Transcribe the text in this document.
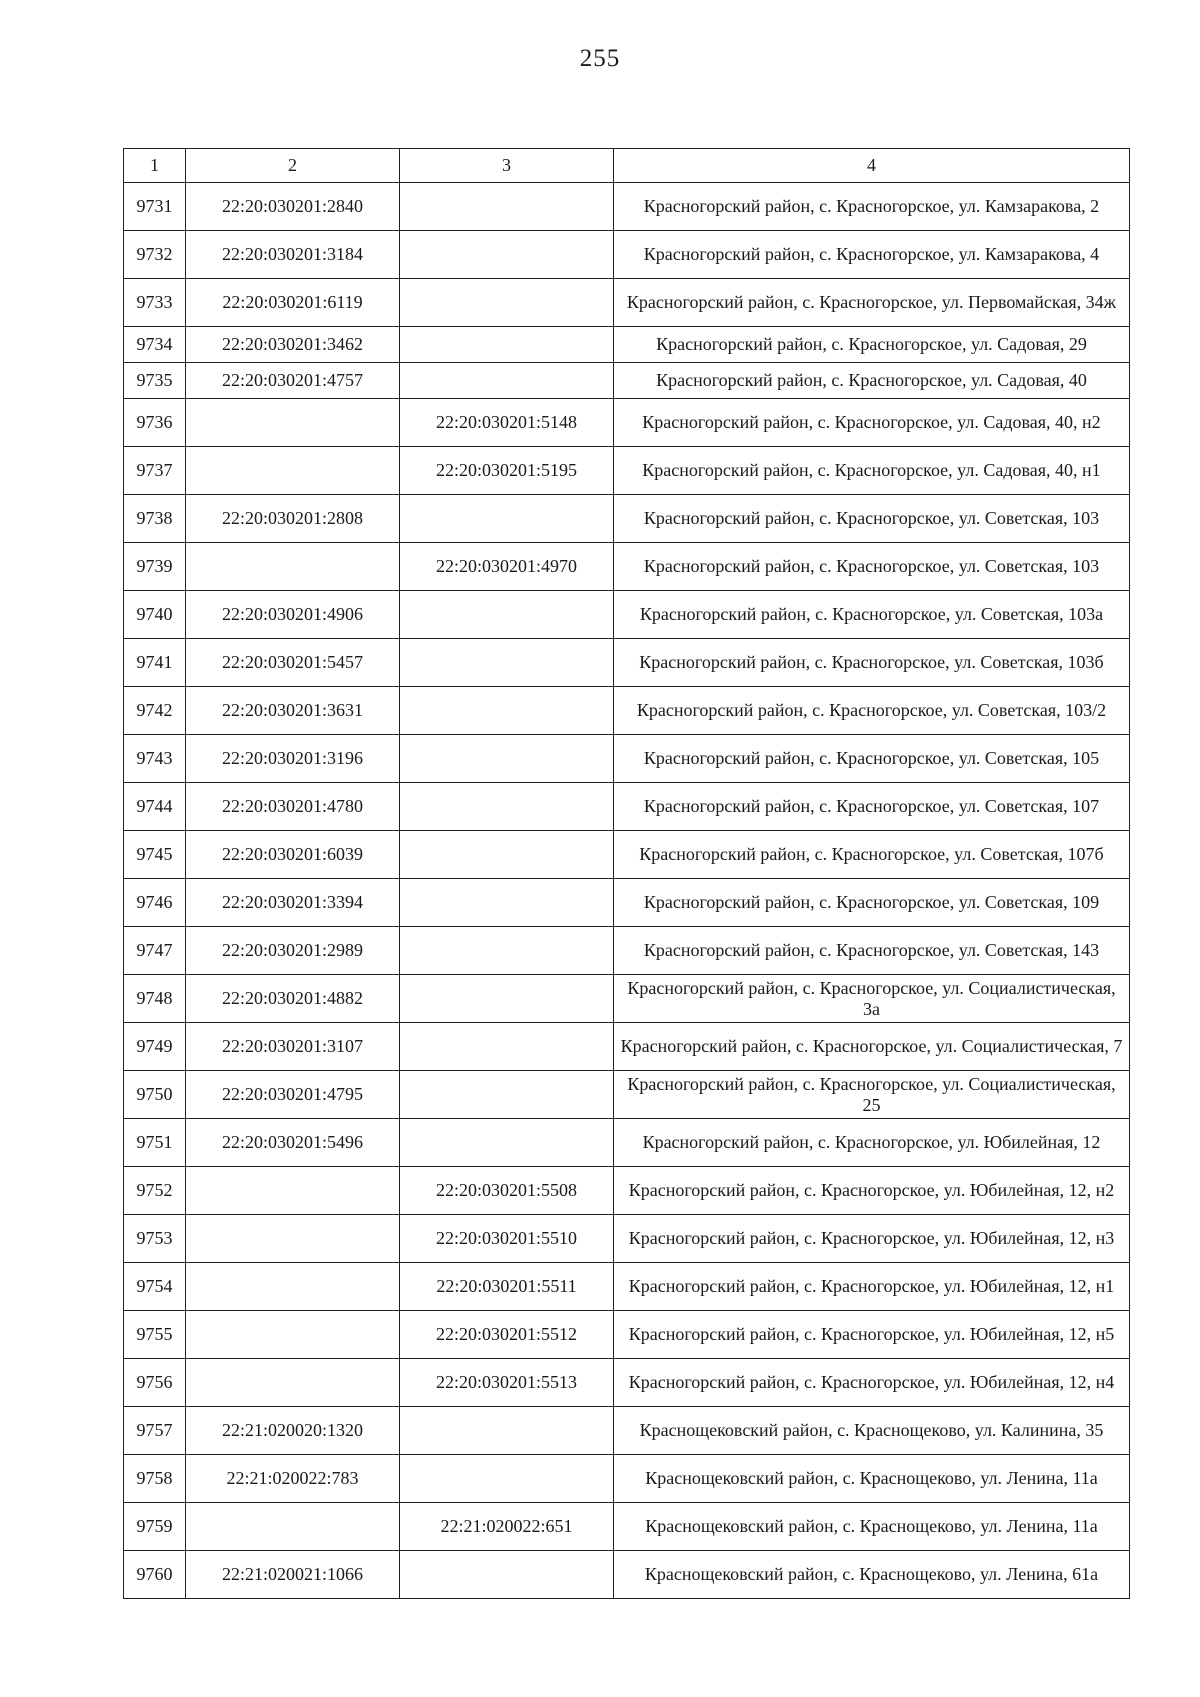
255
1	2	3	4
9731	22:20:030201:2840		Красногорский район, с. Красногорское, ул. Камзаракова, 2
9732	22:20:030201:3184		Красногорский район, с. Красногорское, ул. Камзаракова, 4
9733	22:20:030201:6119		Красногорский район, с. Красногорское, ул. Первомайская, 34ж
9734	22:20:030201:3462		Красногорский район, с. Красногорское, ул. Садовая, 29
9735	22:20:030201:4757		Красногорский район, с. Красногорское, ул. Садовая, 40
9736		22:20:030201:5148	Красногорский район, с. Красногорское, ул. Садовая, 40, н2
9737		22:20:030201:5195	Красногорский район, с. Красногорское, ул. Садовая, 40, н1
9738	22:20:030201:2808		Красногорский район, с. Красногорское, ул. Советская, 103
9739		22:20:030201:4970	Красногорский район, с. Красногорское, ул. Советская, 103
9740	22:20:030201:4906		Красногорский район, с. Красногорское, ул. Советская, 103а
9741	22:20:030201:5457		Красногорский район, с. Красногорское, ул. Советская, 103б
9742	22:20:030201:3631		Красногорский район, с. Красногорское, ул. Советская, 103/2
9743	22:20:030201:3196		Красногорский район, с. Красногорское, ул. Советская, 105
9744	22:20:030201:4780		Красногорский район, с. Красногорское, ул. Советская, 107
9745	22:20:030201:6039		Красногорский район, с. Красногорское, ул. Советская, 107б
9746	22:20:030201:3394		Красногорский район, с. Красногорское, ул. Советская, 109
9747	22:20:030201:2989		Красногорский район, с. Красногорское, ул. Советская, 143
9748	22:20:030201:4882		Красногорский район, с. Красногорское, ул. Социалистическая, 3а
9749	22:20:030201:3107		Красногорский район, с. Красногорское, ул. Социалистическая, 7
9750	22:20:030201:4795		Красногорский район, с. Красногорское, ул. Социалистическая, 25
9751	22:20:030201:5496		Красногорский район, с. Красногорское, ул. Юбилейная, 12
9752		22:20:030201:5508	Красногорский район, с. Красногорское, ул. Юбилейная, 12, н2
9753		22:20:030201:5510	Красногорский район, с. Красногорское, ул. Юбилейная, 12, н3
9754		22:20:030201:5511	Красногорский район, с. Красногорское, ул. Юбилейная, 12, н1
9755		22:20:030201:5512	Красногорский район, с. Красногорское, ул. Юбилейная, 12, н5
9756		22:20:030201:5513	Красногорский район, с. Красногорское, ул. Юбилейная, 12, н4
9757	22:21:020020:1320		Краснощековский район, с. Краснощеково, ул. Калинина, 35
9758	22:21:020022:783		Краснощековский район, с. Краснощеково, ул. Ленина, 11а
9759		22:21:020022:651	Краснощековский район, с. Краснощеково, ул. Ленина, 11а
9760	22:21:020021:1066		Краснощековский район, с. Краснощеково, ул. Ленина, 61а
